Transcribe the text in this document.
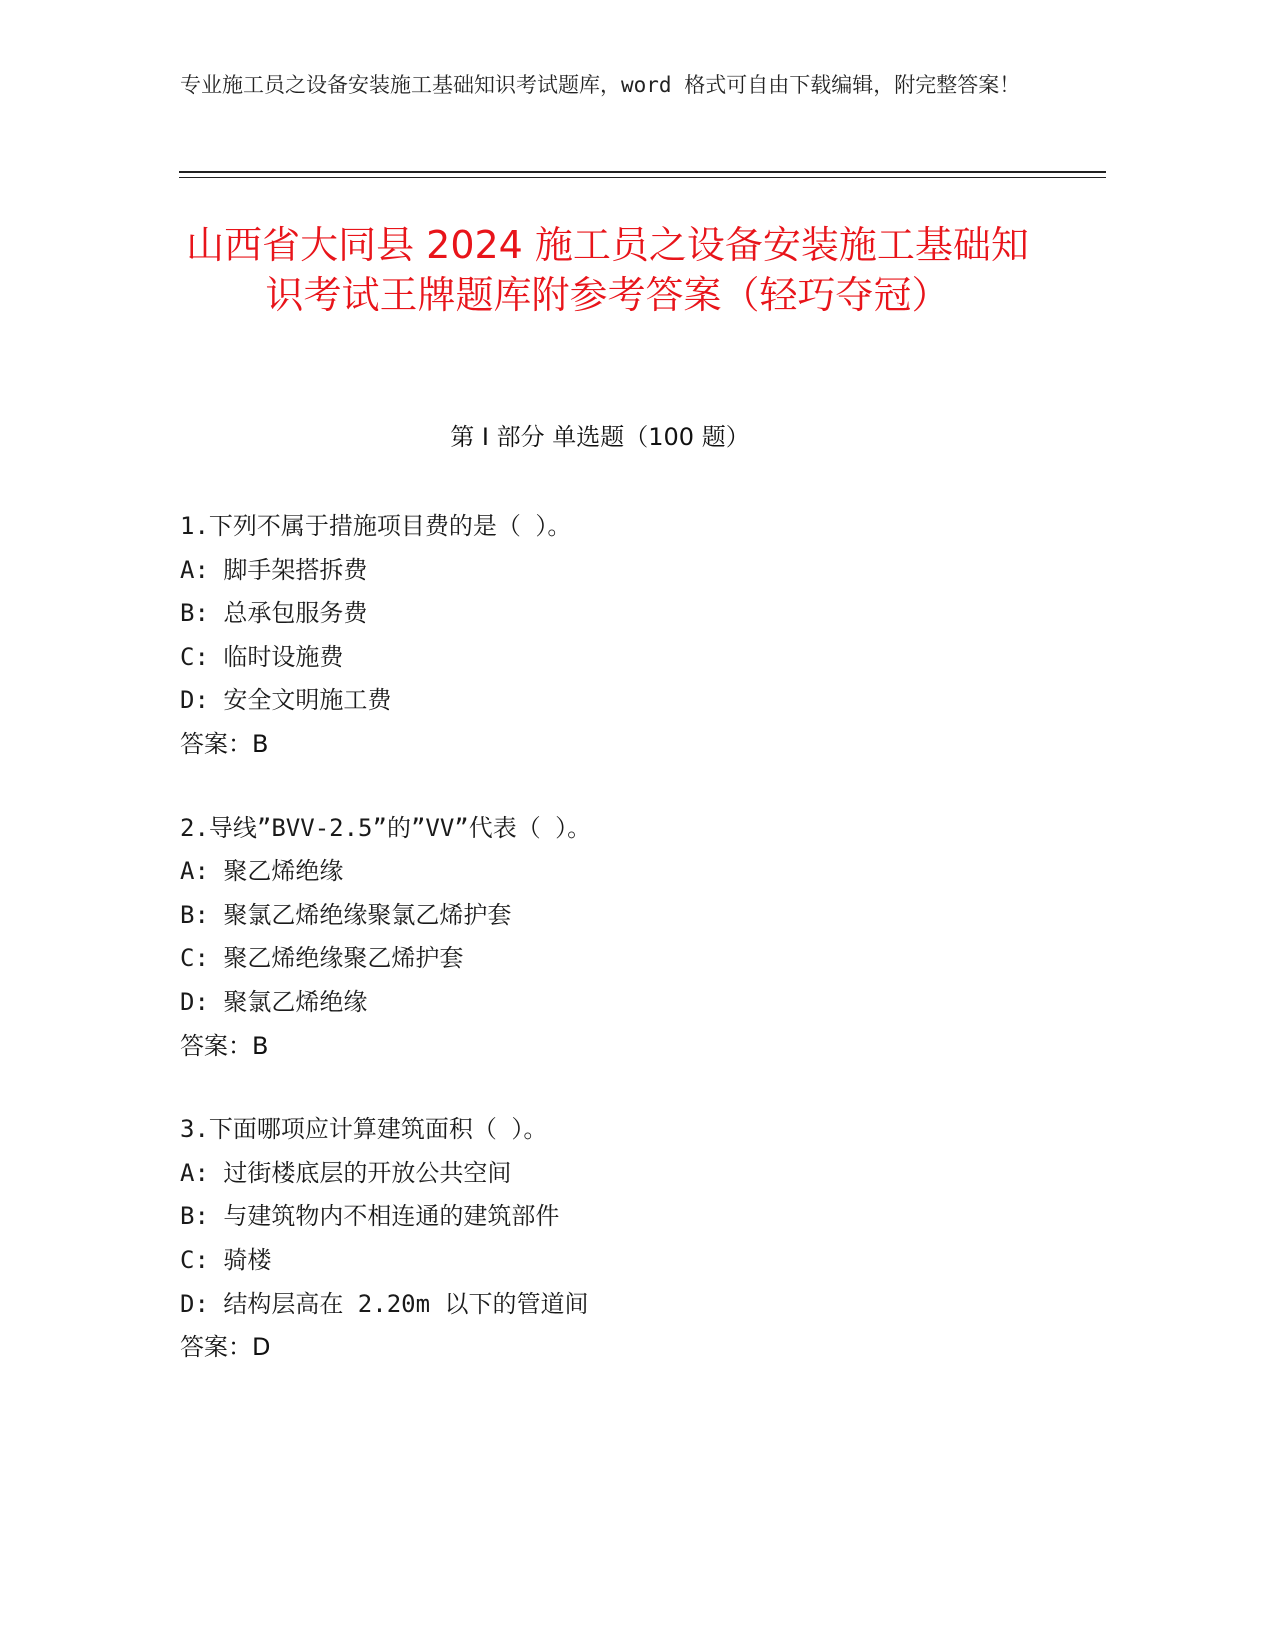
专业施工员之设备安装施工基础知识考试题库，word 格式可自由下载编辑，附完整答案！
山西省大同县 2024 施工员之设备安装施工基础知识考试王牌题库附参考答案（轻巧夺冠）
第 I 部分 单选题（100 题）
1.下列不属于措施项目费的是（ ）。
A: 脚手架搭拆费
B: 总承包服务费
C: 临时设施费
D: 安全文明施工费
答案：B
2.导线”BVV-2.5”的”VV”代表（ ）。
A: 聚乙烯绝缘
B: 聚氯乙烯绝缘聚氯乙烯护套
C: 聚乙烯绝缘聚乙烯护套
D: 聚氯乙烯绝缘
答案：B
3.下面哪项应计算建筑面积（ ）。
A: 过街楼底层的开放公共空间
B: 与建筑物内不相连通的建筑部件
C: 骑楼
D: 结构层高在 2.20m 以下的管道间
答案：D
